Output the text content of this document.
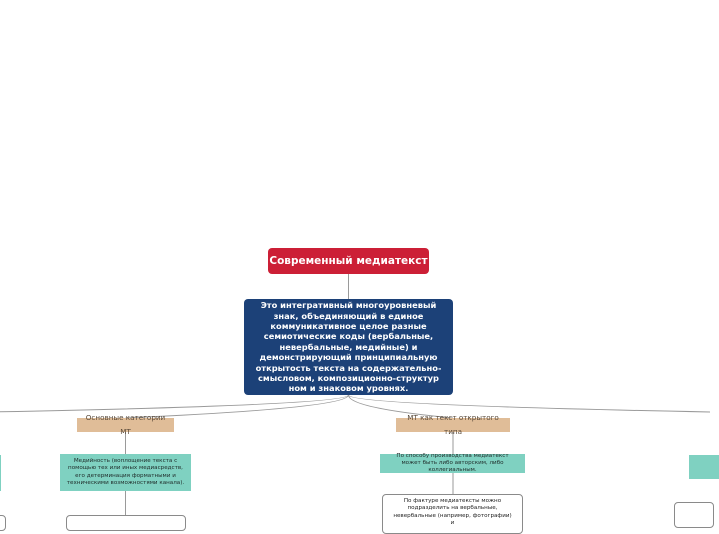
Современный медиатекст
Это интегративный многоуровневый знак, объединяющий в единое коммуникативное целое разные семиотические коды (вербальные, невербальные, медийные) и демонстрирующий принципиальную открытость текста на содержательно-смысловом, композиционно-структур ном и знаковом уровнях.
Основные категории МТ
МТ как текст открытого типа
Медийность (воплощение текста с помощью тех или иных медиасредств, его детерминация форматными и техническими возможностями канала).
По способу производства медиатекст может быть либо авторским, либо коллегиальным.
По фактуре медиатексты можно подразделить на вербальные, невербальные (например, фотографии) и
